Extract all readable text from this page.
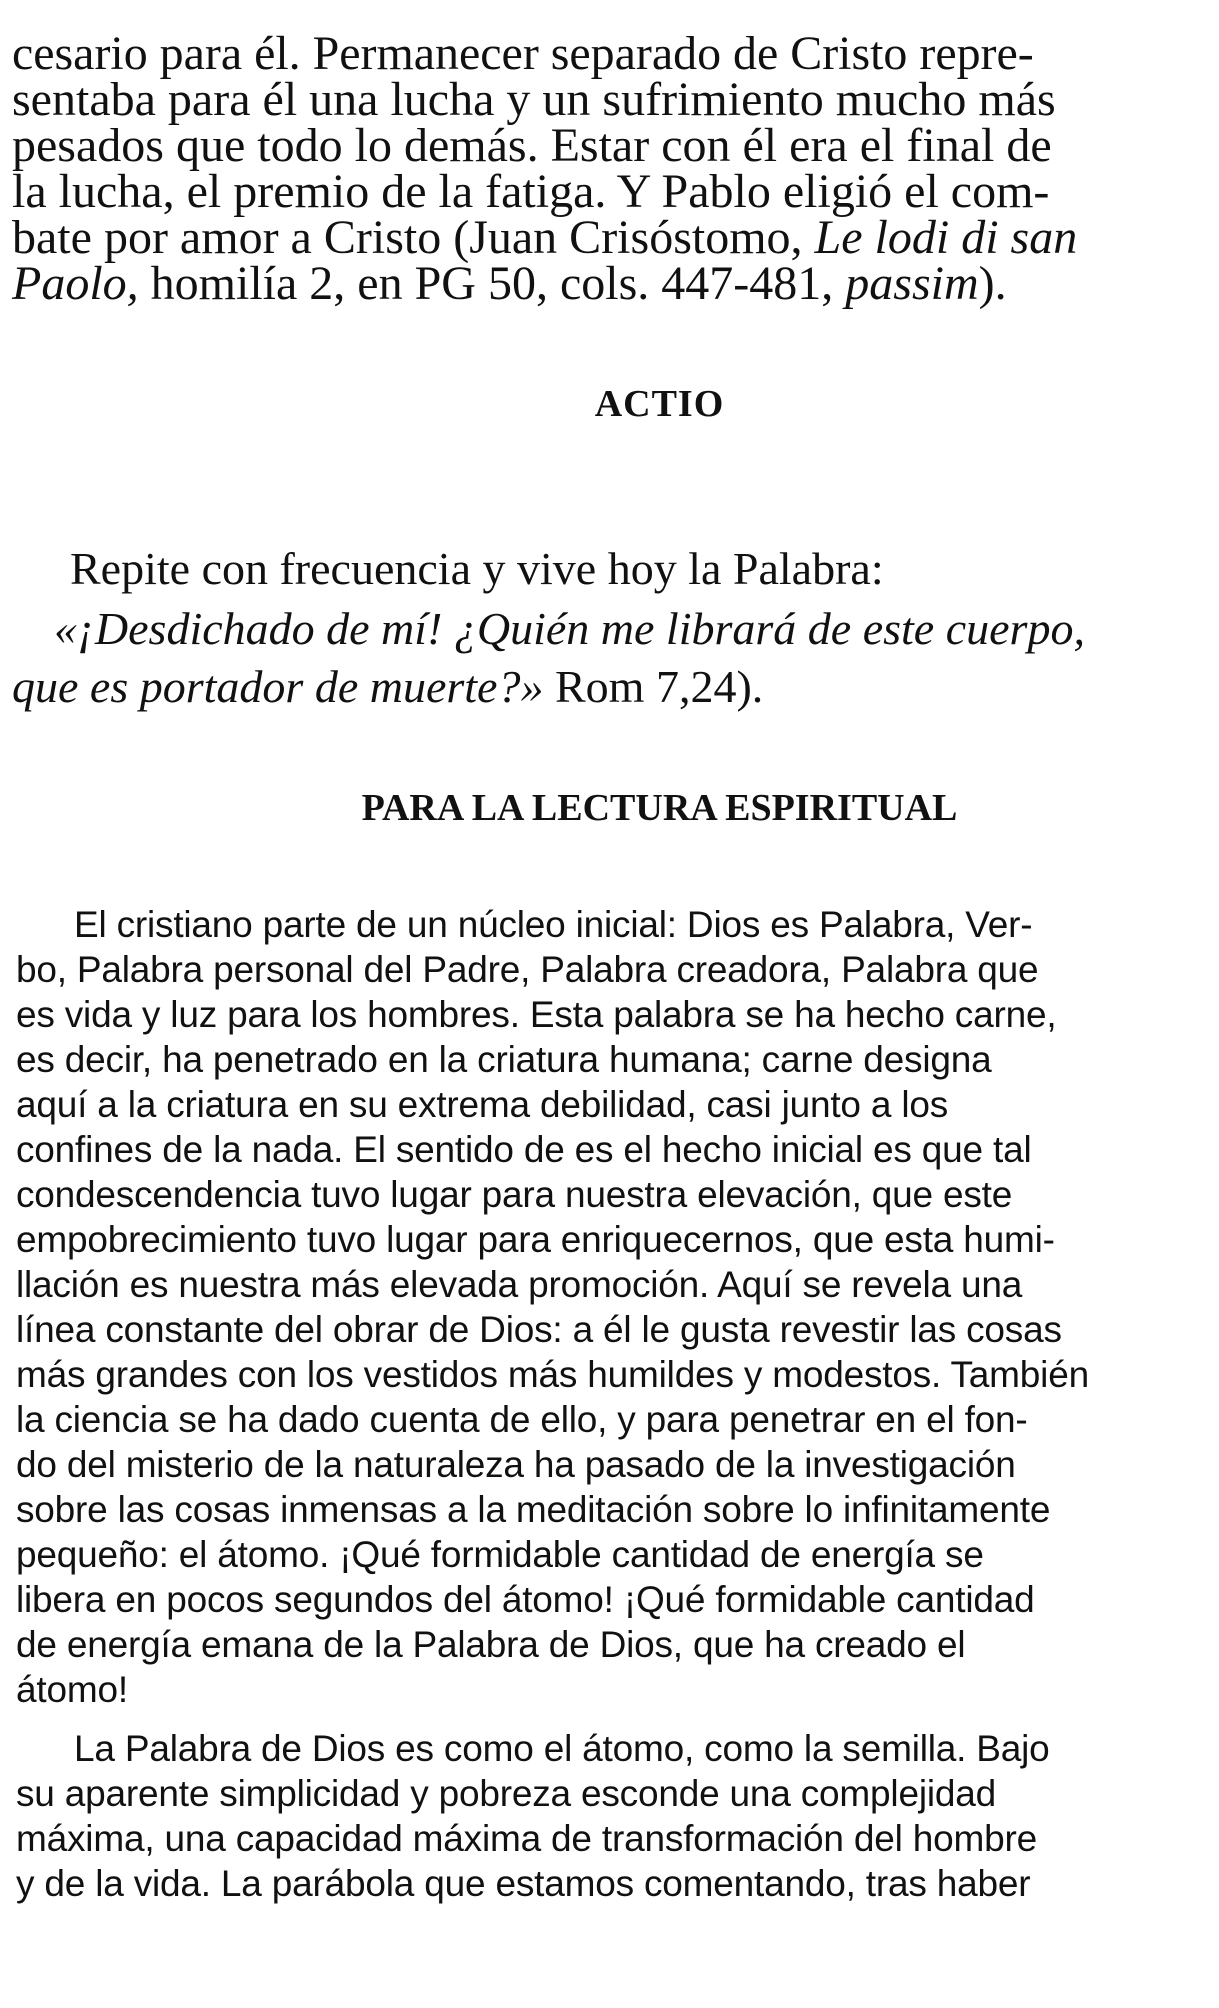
cesario para él. Permanecer separado de Cristo repre-

sentaba para él una lucha y un sufrimiento mucho más

pesados que todo lo demás. Estar con él era el final de

la lucha, el premio de la fatiga. Y Pablo eligió el com-

bate por amor a Cristo (Juan Crisóstomo, Le lodi di san

Paolo, homilía 2, en PG 50, cols. 447-481, passim).

ACTIO

Repite con frecuencia y vive hoy la Palabra:

«¡Desdichado de mí! ¿Quién me librará de este cuerpo,

que es portador de muerte?» Rom 7,24).

PARA LA LECTURA ESPIRITUAL

El cristiano parte de un núcleo inicial: Dios es Palabra, Ver-

bo, Palabra personal del Padre, Palabra creadora, Palabra que

es vida y luz para los hombres. Esta palabra se ha hecho carne,

es decir, ha penetrado en la criatura humana; carne designa

aquí a la criatura en su extrema debilidad, casi junto a los

confines de la nada. El sentido de es el hecho inicial es que tal

condescendencia tuvo lugar para nuestra elevación, que este

empobrecimiento tuvo lugar para enriquecernos, que esta humi-

llación es nuestra más elevada promoción. Aquí se revela una

línea constante del obrar de Dios: a él le gusta revestir las cosas

más grandes con los vestidos más humildes y modestos. También

la ciencia se ha dado cuenta de ello, y para penetrar en el fon-

do del misterio de la naturaleza ha pasado de la investigación

sobre las cosas inmensas a la meditación sobre lo infinitamente

pequeño: el átomo. ¡Qué formidable cantidad de energía se

libera en pocos segundos del átomo! ¡Qué formidable cantidad

de energía emana de la Palabra de Dios, que ha creado el

átomo!

La Palabra de Dios es como el átomo, como la semilla. Bajo

su aparente simplicidad y pobreza esconde una complejidad

máxima, una capacidad máxima de transformación del hombre

y de la vida. La parábola que estamos comentando, tras haber
